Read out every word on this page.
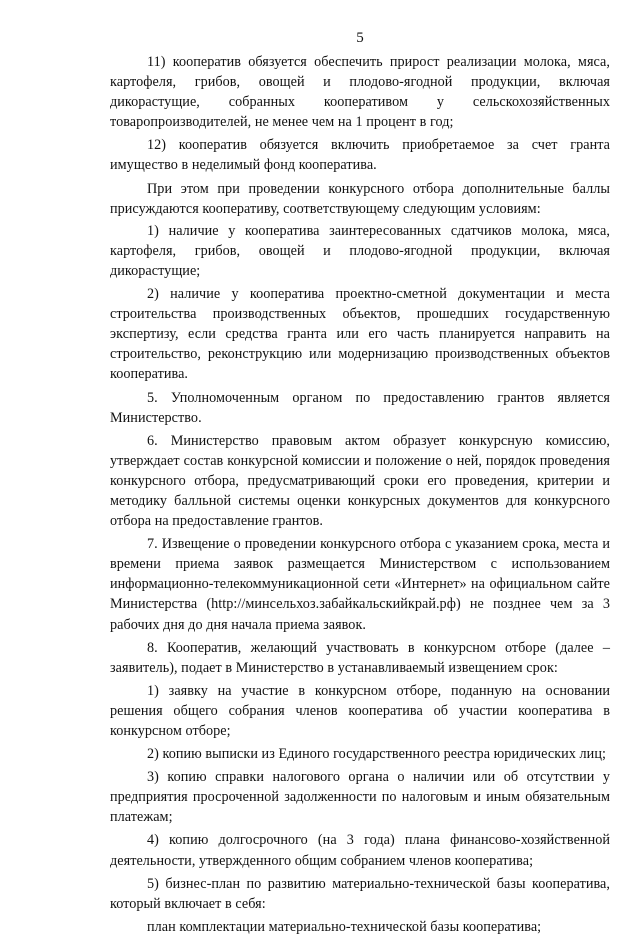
5

11) кооператив обязуется обеспечить прирост реализации молока, мяса, картофеля, грибов, овощей и плодово-ягодной продукции, включая дикорастущие, собранных кооперативом у сельскохозяйственных товаропроизводителей, не менее чем на 1 процент в год;

12) кооператив обязуется включить приобретаемое за счет гранта имущество в неделимый фонд кооператива.

При этом при проведении конкурсного отбора дополнительные баллы присуждаются кооперативу, соответствующему следующим условиям:

1) наличие у кооператива заинтересованных сдатчиков молока, мяса, картофеля, грибов, овощей и плодово-ягодной продукции, включая дикорастущие;

2) наличие у кооператива проектно-сметной документации и места строительства производственных объектов, прошедших государственную экспертизу, если средства гранта или его часть планируется направить на строительство, реконструкцию или модернизацию производственных объектов кооператива.

5. Уполномоченным органом по предоставлению грантов является Министерство.

6. Министерство правовым актом образует конкурсную комиссию, утверждает состав конкурсной комиссии и положение о ней, порядок проведения конкурсного отбора, предусматривающий сроки его проведения, критерии и методику балльной системы оценки конкурсных документов для конкурсного отбора на предоставление грантов.

7. Извещение о проведении конкурсного отбора с указанием срока, места и времени приема заявок размещается Министерством с использованием информационно-телекоммуникационной сети «Интернет» на официальном сайте Министерства (http://минсельхоз.забайкальскийкрай.рф) не позднее чем за 3 рабочих дня до дня начала приема заявок.

8. Кооператив, желающий участвовать в конкурсном отборе (далее – заявитель), подает в Министерство в устанавливаемый извещением срок:

1) заявку на участие в конкурсном отборе, поданную на основании решения общего собрания членов кооператива об участии кооператива в конкурсном отборе;

2) копию выписки из Единого государственного реестра юридических лиц;

3) копию справки налогового органа о наличии или об отсутствии у предприятия просроченной задолженности по налоговым и иным обязательным платежам;

4) копию долгосрочного (на 3 года) плана финансово-хозяйственной деятельности, утвержденного общим собранием членов кооператива;

5) бизнес-план по развитию материально-технической базы кооператива, который включает в себя:

план комплектации материально-технической базы кооператива;
